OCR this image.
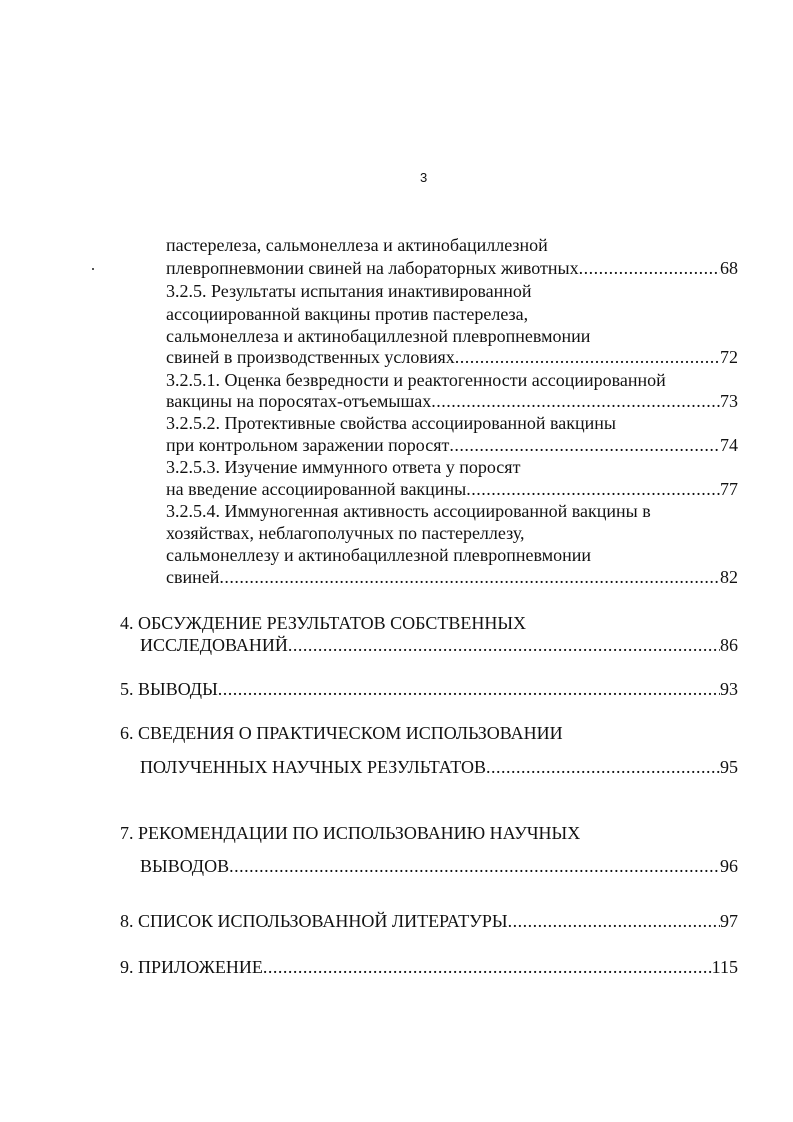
3
пастерелеза, сальмонеллеза и актинобациллезной
плевропневмонии свиней на лабораторных животных .....	68
3.2.5. Результаты испытания инактивированной
ассоциированной вакцины против пастерелеза,
сальмонеллеза и актинобациллезной плевропневмонии
свиней в производственных условиях .....	72
3.2.5.1. Оценка безвредности и реактогенности ассоциированной
вакцины на поросятах-отъемышах .....	73
3.2.5.2. Протективные свойства ассоциированной вакцины
при контрольном заражении поросят .....	74
3.2.5.3. Изучение иммунного ответа у поросят
на введение ассоциированной вакцины .....	77
3.2.5.4. Иммуногенная активность ассоциированной вакцины в
хозяйствах, неблагополучных по пастереллезу,
сальмонеллезу и актинобациллезной плевропневмонии
свиней .....	82
4. ОБСУЖДЕНИЕ РЕЗУЛЬТАТОВ СОБСТВЕННЫХ
ИССЛЕДОВАНИЙ .....	86
5. ВЫВОДЫ .....	93
6. СВЕДЕНИЯ О ПРАКТИЧЕСКОМ ИСПОЛЬЗОВАНИИ
ПОЛУЧЕННЫХ НАУЧНЫХ РЕЗУЛЬТАТОВ .....	95
7. РЕКОМЕНДАЦИИ ПО ИСПОЛЬЗОВАНИЮ НАУЧНЫХ
ВЫВОДОВ .....	96
8. СПИСОК ИСПОЛЬЗОВАННОЙ ЛИТЕРАТУРЫ .....	97
9. ПРИЛОЖЕНИЕ .....	115
